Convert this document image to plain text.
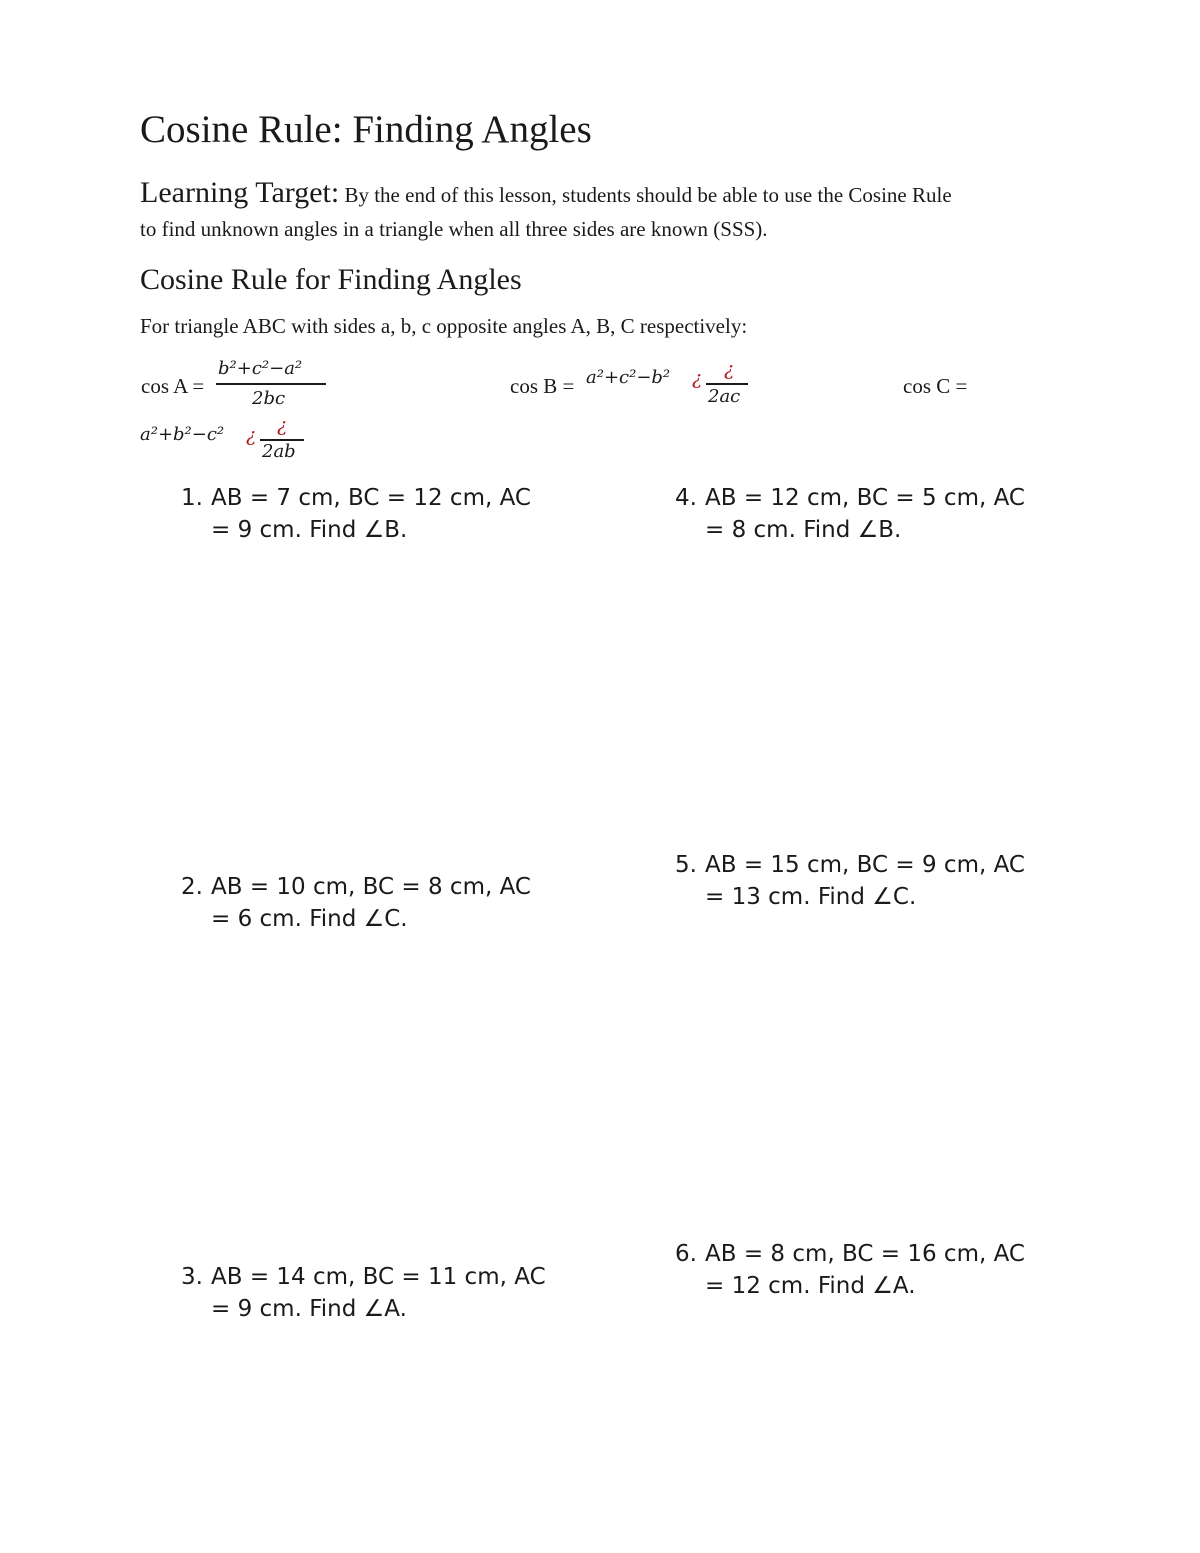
Cosine Rule: Finding Angles
Learning Target: By the end of this lesson, students should be able to use the Cosine Rule
to find unknown angles in a triangle when all three sides are known (SSS).
Cosine Rule for Finding Angles
For triangle ABC with sides a, b, c opposite angles A, B, C respectively:
cos A =
b²+c²−a²
2bc
cos B = a²+c²−b² ¿ ¿
2ac	cos C =
a²+b²−c² ¿ ¿
2ab
1. AB = 7 cm, BC = 12 cm, AC
= 9 cm. Find ∠B.
2. AB = 10 cm, BC = 8 cm, AC
= 6 cm. Find ∠C.
3. AB = 14 cm, BC = 11 cm, AC
= 9 cm. Find ∠A.
4. AB = 12 cm, BC = 5 cm, AC
= 8 cm. Find ∠B.
5. AB = 15 cm, BC = 9 cm, AC
= 13 cm. Find ∠C.
6. AB = 8 cm, BC = 16 cm, AC
= 12 cm. Find ∠A.
